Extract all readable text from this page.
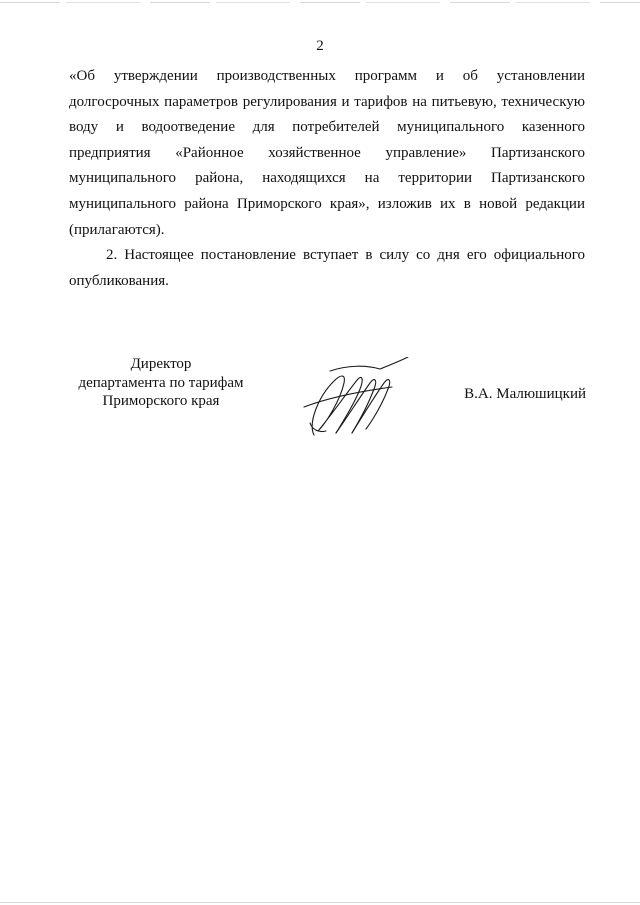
2

«Об утверждении производственных программ и об установлении долгосрочных параметров регулирования и тарифов на питьевую, техническую воду и водоотведение для потребителей муниципального казенного предприятия «Районное хозяйственное управление» Партизанского муниципального района, находящихся на территории Партизанского муниципального района Приморского края», изложив их в новой редакции (прилагаются).

2. Настоящее постановление вступает в силу со дня его официального опубликования.

Директор
департамента по тарифам
Приморского края	В.А. Малюшицкий
